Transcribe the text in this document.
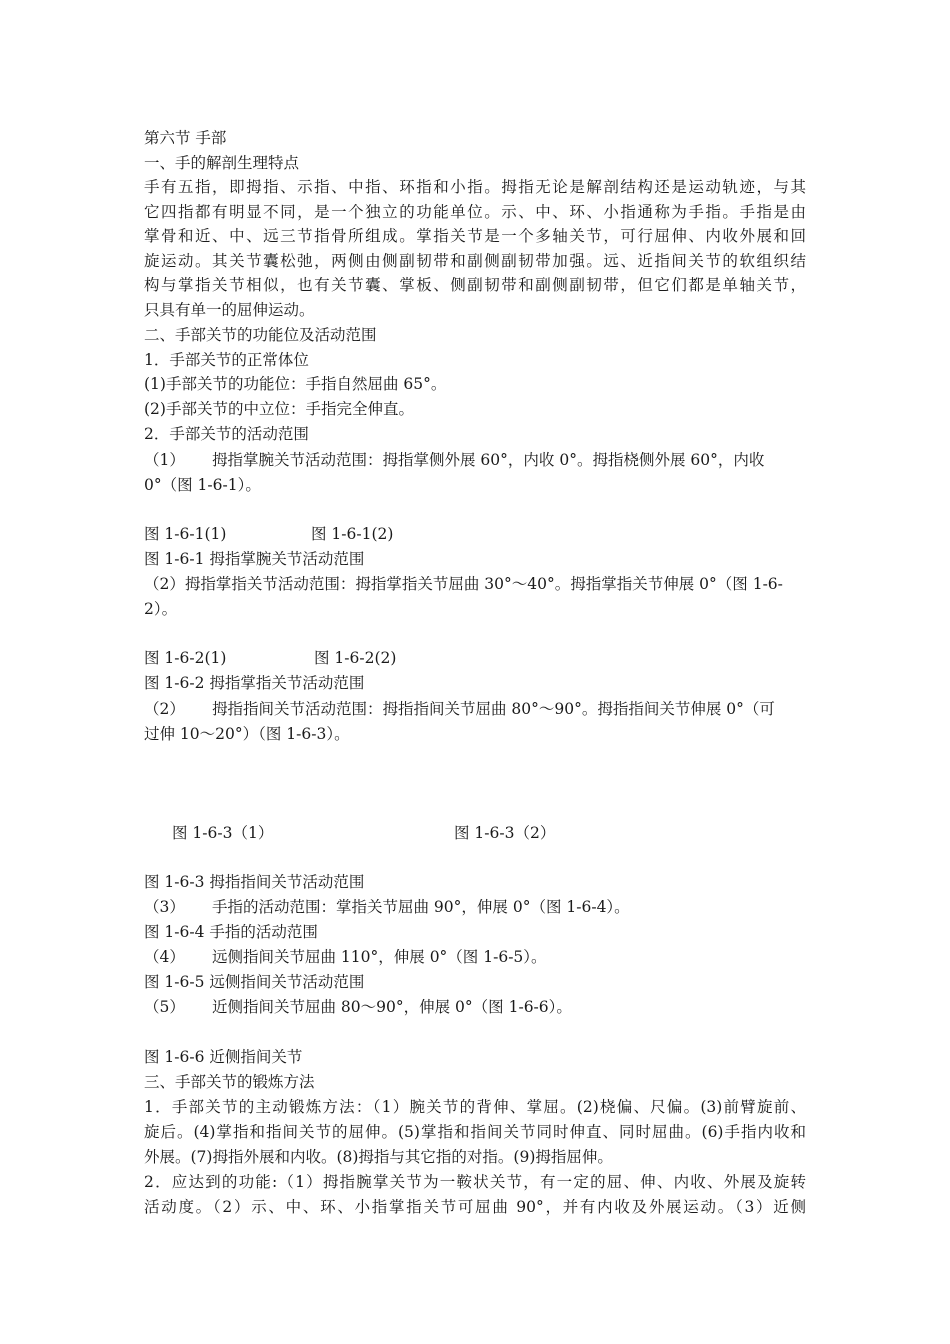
第六节 手部
一、手的解剖生理特点
手有五指，即拇指、示指、中指、环指和小指。拇指无论是解剖结构还是运动轨迹，与其
它四指都有明显不同，是一个独立的功能单位。示、中、环、小指通称为手指。手指是由
掌骨和近、中、远三节指骨所组成。掌指关节是一个多轴关节，可行屈伸、内收外展和回
旋运动。其关节囊松弛，两侧由侧副韧带和副侧副韧带加强。远、近指间关节的软组织结
构与掌指关节相似，也有关节囊、掌板、侧副韧带和副侧副韧带，但它们都是单轴关节，
只具有单一的屈伸运动。
二、手部关节的功能位及活动范围
1．手部关节的正常体位
(1)手部关节的功能位：手指自然屈曲 65°。
(2)手部关节的中立位：手指完全伸直。
2．手部关节的活动范围
（1） 拇指掌腕关节活动范围：拇指掌侧外展 60°，内收 0°。拇指桡侧外展 60°，内收
0°（图 1-6-1）。
图 1-6-1(1)	图 1-6-1(2)
图 1-6-1 拇指掌腕关节活动范围
（2）拇指掌指关节活动范围：拇指掌指关节屈曲 30°～40°。拇指掌指关节伸展 0°（图 1-6-
2）。
图 1-6-2(1)	图 1-6-2(2)
图 1-6-2 拇指掌指关节活动范围
（2） 拇指指间关节活动范围：拇指指间关节屈曲 80°～90°。拇指指间关节伸展 0°（可
过伸 10～20°）（图 1-6-3）。
图 1-6-3（1）	图 1-6-3（2）
图 1-6-3 拇指指间关节活动范围
（3） 手指的活动范围：掌指关节屈曲 90°，伸展 0°（图 1-6-4）。
图 1-6-4 手指的活动范围
（4） 远侧指间关节屈曲 110°，伸展 0°（图 1-6-5）。
图 1-6-5 远侧指间关节活动范围
（5） 近侧指间关节屈曲 80～90°，伸展 0°（图 1-6-6）。
图 1-6-6 近侧指间关节
三、手部关节的锻炼方法
1．手部关节的主动锻炼方法：（1）腕关节的背伸、掌屈。(2)桡偏、尺偏。(3)前臂旋前、
旋后。(4)掌指和指间关节的屈伸。(5)掌指和指间关节同时伸直、同时屈曲。(6)手指内收和
外展。(7)拇指外展和内收。(8)拇指与其它指的对指。(9)拇指屈伸。
2．应达到的功能:（1）拇指腕掌关节为一鞍状关节，有一定的屈、伸、内收、外展及旋转
活动度。（2）示、中、环、小指掌指关节可屈曲 90°，并有内收及外展运动。（3）近侧
